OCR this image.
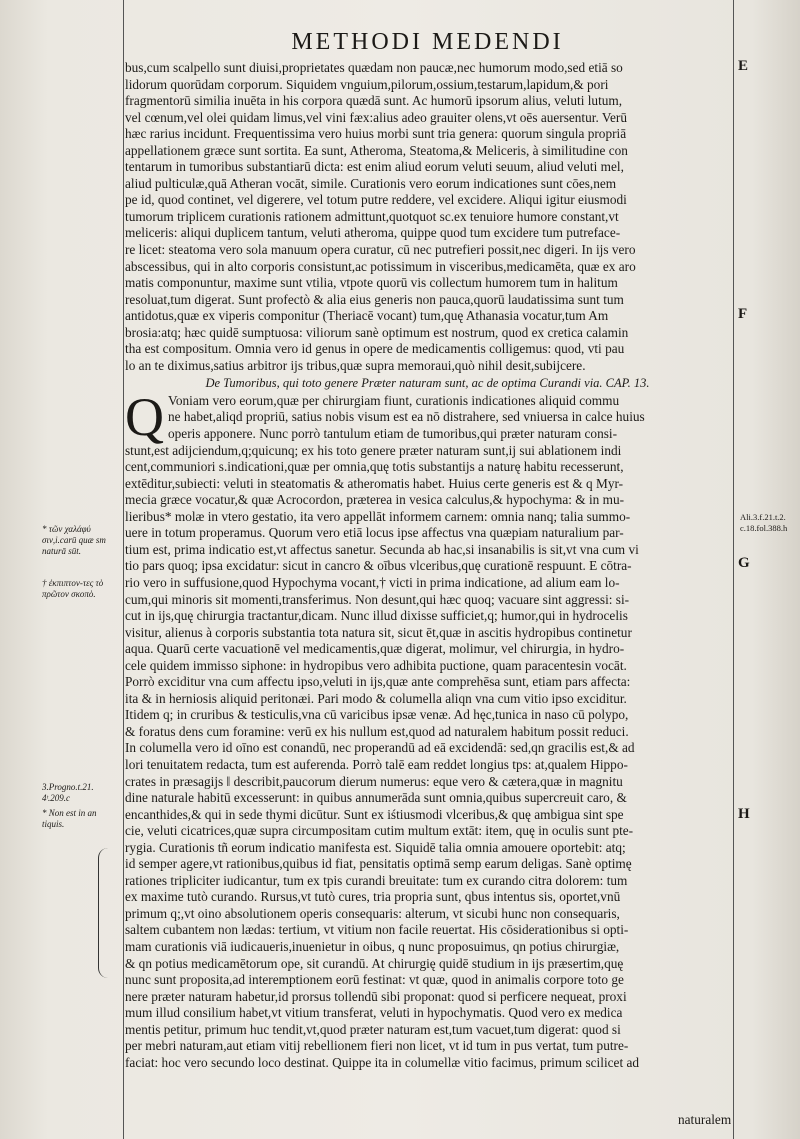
METHODI MEDENDI
E
F
G
H
* τῶν χαλάφύ σιν,i.carū quæ sm naturā sūt.
† ἐκπιπτον-τες τὸ πρῶτον σκοπὸ.
3.Progno.t.21. 4ᵗ.209.c
* Non est in an tiquis.
Ali.3.f.21.t.2. c.18.fol.388.h
bus,cum scalpello sunt diuisi,proprietates quædam non paucæ,nec humorum modo,sed etiā so
lidorum quorūdam corporum. Siquidem vnguium,pilorum,ossium,testarum,lapidum,& pori
fragmentorū similia inuēta in his corpora quædā sunt. Ac humorū ipsorum alius, veluti lutum,
vel cœnum,vel olei quidam limus,vel vini fæx:alius adeo grauiter olens,vt oēs auersentur. Verū
hæc rarius incidunt. Frequentissima vero huius morbi sunt tria genera: quorum singula propriā
appellationem græce sunt sortita. Ea sunt, Atheroma, Steatoma,& Meliceris, à similitudine con
tentarum in tumoribus substantiarū dicta: est enim aliud eorum veluti seuum, aliud veluti mel,
aliud pulticulæ,quā Atheran vocāt, simile. Curationis vero eorum indicationes sunt cōes,nem
pe id, quod continet, vel digerere, vel totum putre reddere, vel excidere. Aliqui igitur eiusmodi
tumorum triplicem curationis rationem admittunt,quotquot sc.ex tenuiore humore constant,vt
meliceris: aliqui duplicem tantum, veluti atheroma, quippe quod tum excidere tum putreface-
re licet: steatoma vero sola manuum opera curatur, cū nec putrefieri possit,nec digeri. In ijs vero
abscessibus, qui in alto corporis consistunt,ac potissimum in visceribus,medicamēta, quæ ex aro
matis componuntur, maxime sunt vtilia, vtpote quorū vis collectum humorem tum in halitum
resoluat,tum digerat. Sunt profectò & alia eius generis non pauca,quorū laudatissima sunt tum
antidotus,quæ ex viperis componitur (Theriacē vocant) tum,quę Athanasia vocatur,tum Am
brosia:atq; hæc quidē sumptuosa: viliorum sanè optimum est nostrum, quod ex cretica calamin
tha est compositum. Omnia vero id genus in opere de medicamentis colligemus: quod, vti pau
lo an te diximus,satius arbitror ijs tribus,quæ supra memoraui,quò nihil desit,subijcere.
De Tumoribus, qui toto genere Præter naturam sunt, ac de optima Curandi via. CAP. 13.
Q Voniam vero eorum,quæ per chirurgiam fiunt, curationis indicationes aliquid commu
ne habet,aliqd propriū, satius nobis visum est ea nō distrahere, sed vniuersa in calce huius
operis apponere. Nunc porrò tantulum etiam de tumoribus,qui præter naturam consi-
stunt,est adijciendum,q;quicunq; ex his toto genere præter naturam sunt,ij sui ablationem indi
cent,communiori s.indicationi,quæ per omnia,quę totis substantijs a naturę habitu recesserunt,
extēditur,subiecti: veluti in steatomatis & atheromatis habet. Huius certe generis est & q Myr-
mecia græce vocatur,& quæ Acrocordon, præterea in vesica calculus,& hypochyma: & in mu-
lieribus* molæ in vtero gestatio, ita vero appellāt informem carnem: omnia nanq; talia summo-
uere in totum properamus. Quorum vero etiā locus ipse affectus vna quæpiam naturalium par-
tium est, prima indicatio est,vt affectus sanetur. Secunda ab hac,si insanabilis is sit,vt vna cum vi
tio pars quoq; ipsa excidatur: sicut in cancro & oībus vlceribus,quę curationē respuunt. E cōtra-
rio vero in suffusione,quod Hypochyma vocant,† victi in prima indicatione, ad alium eam lo-
cum,qui minoris sit momenti,transferimus. Non desunt,qui hæc quoq; vacuare sint aggressi: si-
cut in ijs,quę chirurgia tractantur,dicam. Nunc illud dixisse sufficiet,q; humor,qui in hydrocelis
visitur, alienus à corporis substantia tota natura sit, sicut ēt,quæ in ascitis hydropibus continetur
aqua. Quarū certe vacuationē vel medicamentis,quæ digerat, molimur, vel chirurgia, in hydro-
cele quidem immisso siphone: in hydropibus vero adhibita puctione, quam paracentesin vocāt.
Porrò exciditur vna cum affectu ipso,veluti in ijs,quæ ante comprehēsa sunt, etiam pars affecta:
ita & in herniosis aliquid peritonæi. Pari modo & columella aliqn vna cum vitio ipso exciditur.
Itidem q; in cruribus & testiculis,vna cū varicibus ipsæ venæ. Ad hęc,tunica in naso cū polypo,
& foratus dens cum foramine: verū ex his nullum est,quod ad naturalem habitum possit reduci.
In columella vero id oīno est conandū, nec properandū ad eā excidendā: sed,qn gracilis est,& ad
lori tenuitatem redacta, tum est auferenda. Porrò talē eam reddet longius tps: at,qualem Hippo-
crates in præsagijs ‖ describit,paucorum dierum numerus: eque vero & cætera,quæ in magnitu
dine naturale habitū excesserunt: in quibus annumerāda sunt omnia,quibus supercreuit caro, &
encanthides,& qui in sede thymi dicūtur. Sunt ex iśtiusmodi vlceribus,& quę ambigua sint spe
cie, veluti cicatrices,quæ supra circumpositam cutim multum extāt: item, quę in oculis sunt pte-
rygia. Curationis tñ eorum indicatio manifesta est. Siquidē talia omnia amouere oportebit: atq;
id semper agere,vt rationibus,quibus id fiat, pensitatis optimā semp earum deligas. Sanè optimę
rationes tripliciter iudicantur, tum ex tpis curandi breuitate: tum ex curando citra dolorem: tum
ex maxime tutò curando. Rursus,vt tutò cures, tria propria sunt, qbus intentus sis, oportet,vnū
primum q;,vt oino absolutionem operis consequaris: alterum, vt sicubi hunc non consequaris,
saltem cubantem non lædas: tertium, vt vitium non facile reuertat. His cōsiderationibus si opti-
mam curationis viā iudicaueris,inuenietur in oibus, q nunc proposuimus, qn potius chirurgiæ,
& qn potius medicamētorum ope, sit curandū. At chirurgię quidē studium in ijs præsertim,quę
nunc sunt proposita,ad interemptionem eorū festinat: vt quæ, quod in animalis corpore toto ge
nere præter naturam habetur,id prorsus tollendū sibi proponat: quod si perficere nequeat, proxi
mum illud consilium habet,vt vitium transferat, veluti in hypochymatis. Quod vero ex medica
mentis petitur, primum huc tendit,vt,quod præter naturam est,tum vacuet,tum digerat: quod si
per mebri naturam,aut etiam vitij rebellionem fieri non licet, vt id tum in pus vertat, tum putre-
faciat: hoc vero secundo loco destinat. Quippe ita in columellæ vitio facimus, primum scilicet ad
naturalem
